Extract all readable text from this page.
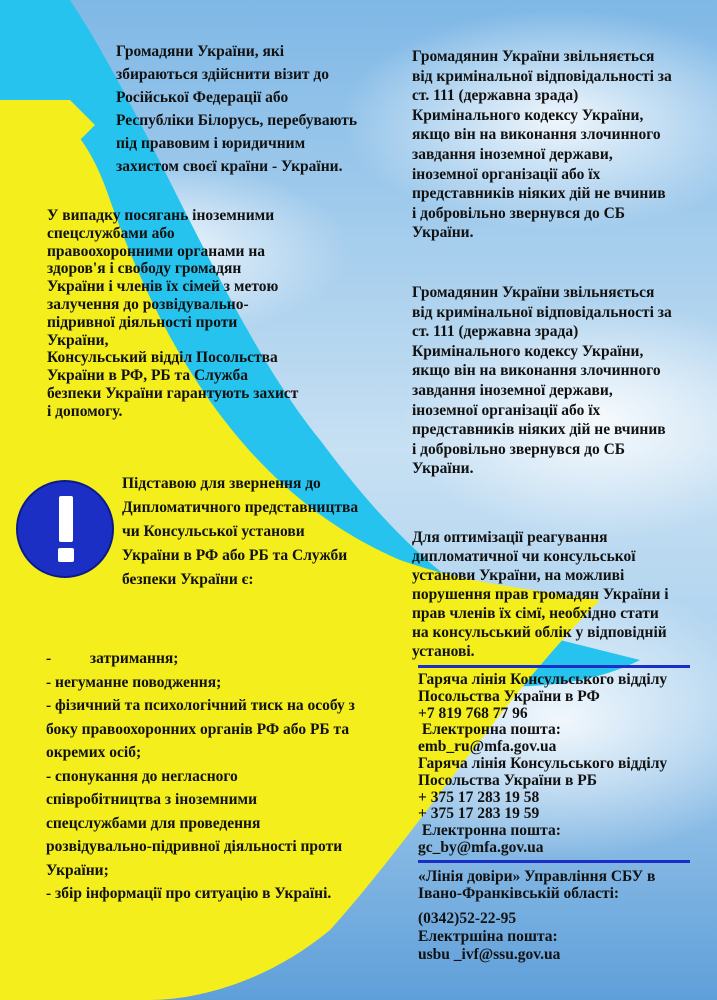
Громадяни України, які

збираються здійснити візит до

Російської Федерації або

Республіки Білорусь, перебувають

під правовим і юридичним

захистом своєї країни - України.

У випадку посягань іноземними

спецслужбами або

правоохоронними органами на

здоров'я і свободу громадян

України і членів їх сімей з метою

залучення до розвідувально-

підривної діяльності проти

України,

Консульський відділ Посольства

України в РФ, РБ та Служба

безпеки України гарантують захист

і допомогу.

Підставою для звернення до

Дипломатичного представництва

чи Консульської установи

України в РФ або РБ та Служби

безпеки України є:

-          затримання;
- негуманне поводження;
- фізичний та психологічний тиск на особу з
боку правоохоронних органів РФ або РБ та
окремих осіб;
- спонукання до негласного
співробітництва з іноземними
спецслужбами для проведення
розвідувально-підривної діяльності проти
України;
- збір інформації про ситуацію в Україні.

Громадянин України звільняється

від кримінальної відповідальності за

ст. 111 (державна зрада)

Кримінального кодексу України,

якщо він на виконання злочинного

завдання іноземної держави,

іноземної організації або їх

представників ніяких дій не вчинив

і добровільно звернувся до СБ

України.

Громадянин України звільняється

від кримінальної відповідальності за

ст. 111 (державна зрада)

Кримінального кодексу України,

якщо він на виконання злочинного

завдання іноземної держави,

іноземної організації або їх

представників ніяких дій не вчинив

і добровільно звернувся до СБ

України.

Для оптимізації реагування

дипломатичної чи консульської

установи України, на можливі

порушення прав громадян України і

прав членів їх сімї, необхідно стати

на консульський облік у відповідній

установі.

Гаряча лінія Консульського відділу

Посольства України в РФ

+7 819 768 77 96

Електронна пошта:

emb_ru@mfa.gov.ua

Гаряча лінія Консульського відділу

Посольства України в РБ

+ 375 17 283 19 58

+ 375 17 283 19 59

Електронна пошта:

gc_by@mfa.gov.ua

«Лінія довіри» Управління СБУ в

Івано-Франківській області:

(0342)52-22-95

Електршіна пошта:

usbu _ivf@ssu.gov.ua
